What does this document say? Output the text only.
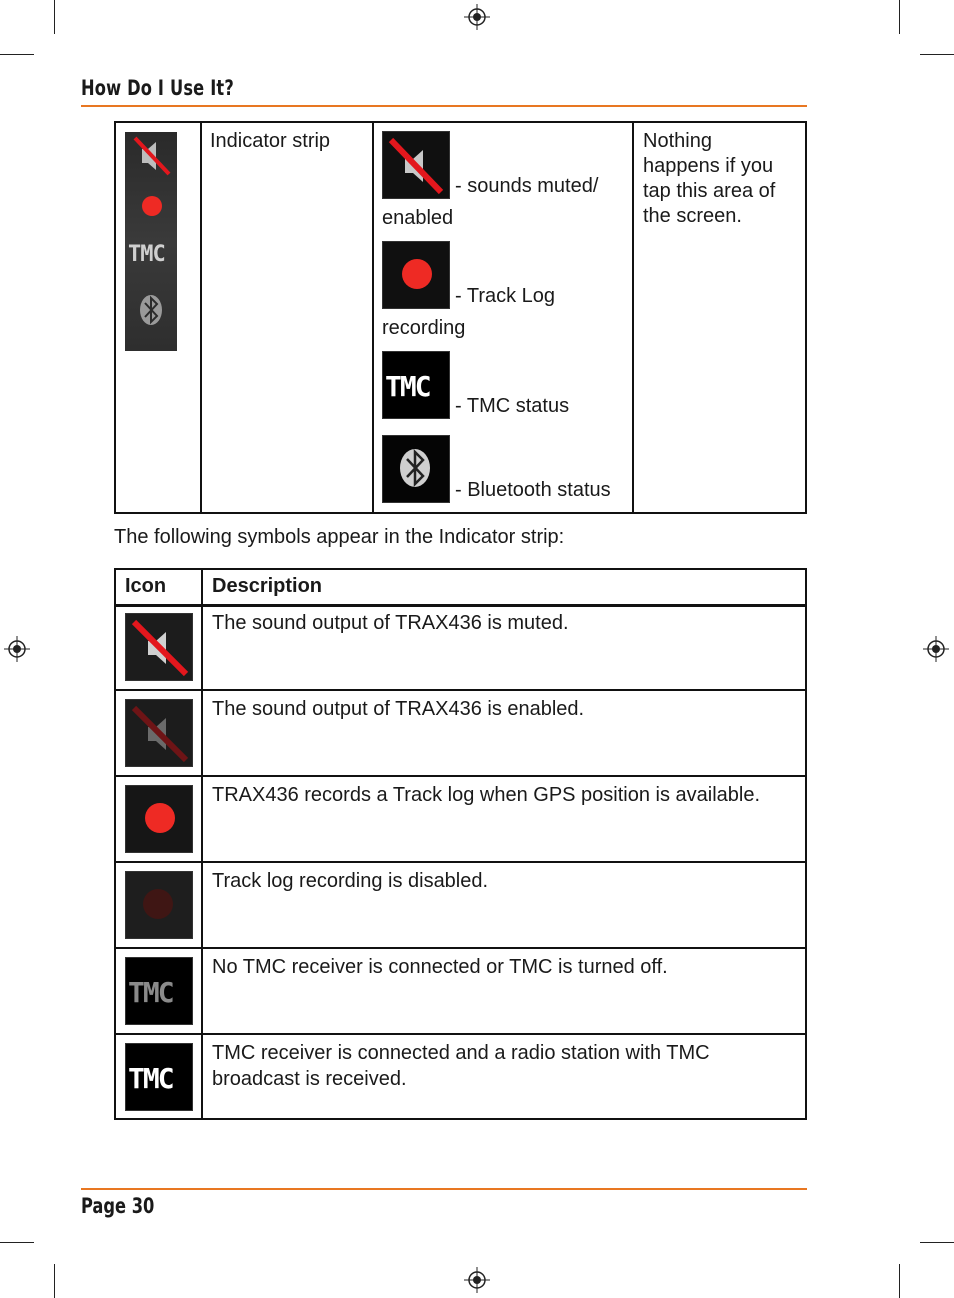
How Do I Use It?
TMC
Indicator strip
- sounds muted/
enabled
- Track Log
recording
TMC
- TMC status
- Bluetooth status
Nothing happens if you tap this area of the screen.
The following symbols appear in the Indicator strip:
Icon Description
The sound output of TRAX436 is muted.
The sound output of TRAX436 is enabled.
TRAX436 records a Track log when GPS position is available.
Track log recording is disabled.
TMC
No TMC receiver is connected or TMC is turned off.
TMC
TMC receiver is connected and a radio station with TMC broadcast is received.
Page 30
